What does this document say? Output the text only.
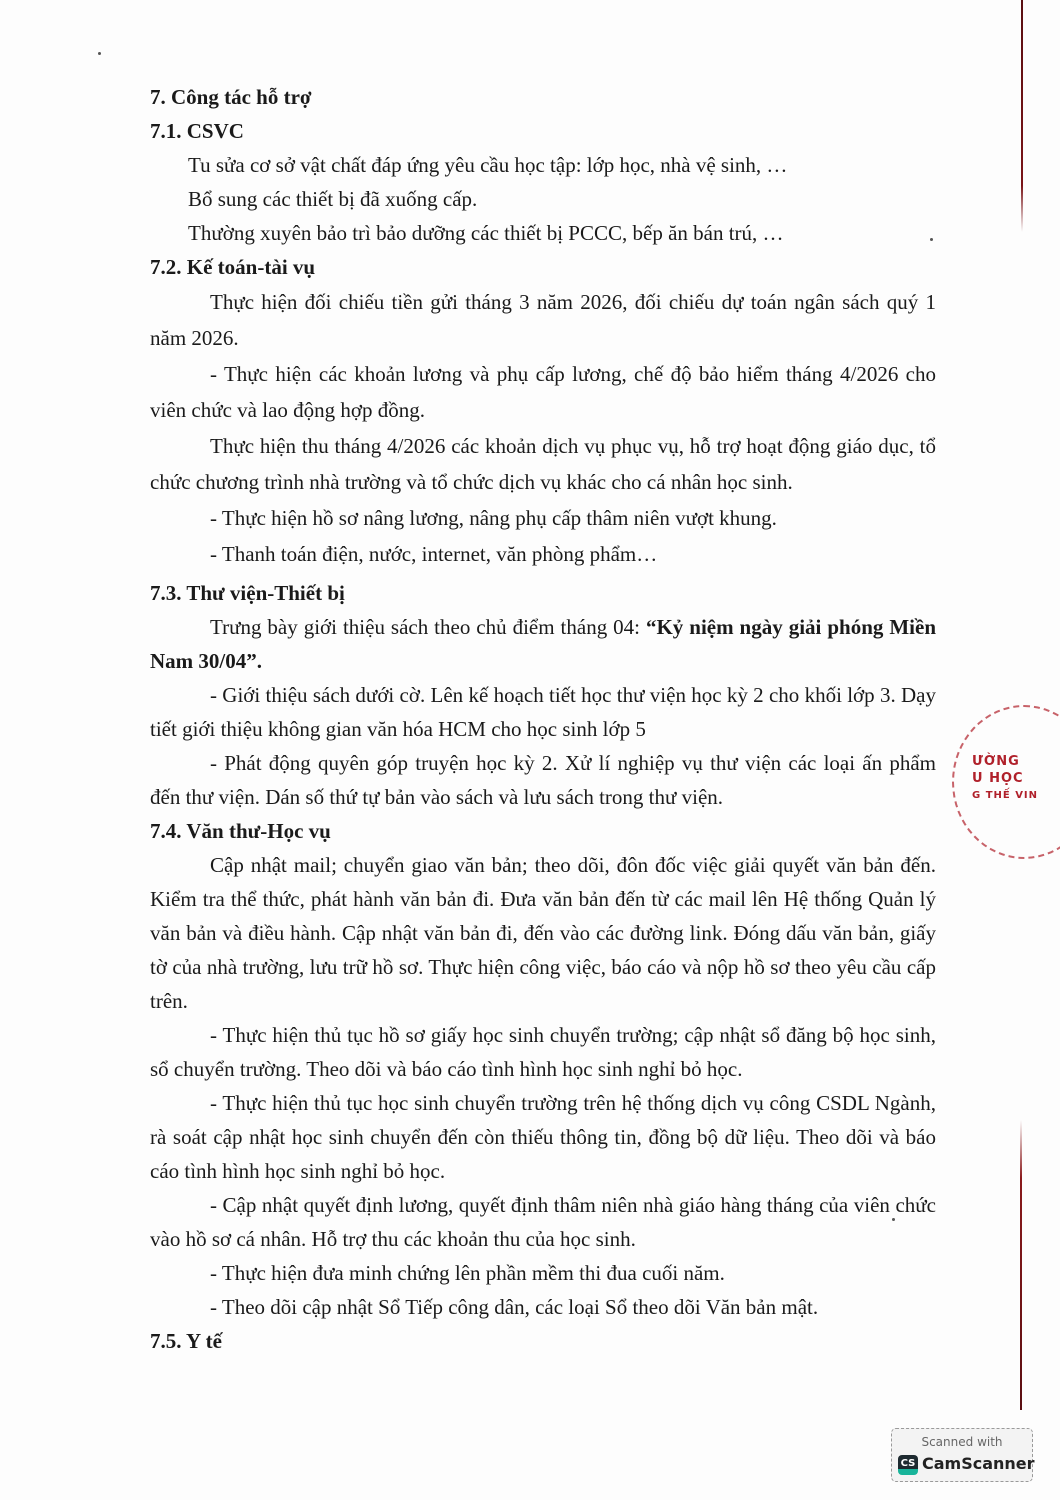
7. Công tác hỗ trợ

7.1. CSVC

Tu sửa cơ sở vật chất đáp ứng yêu cầu học tập: lớp học, nhà vệ sinh, …

Bổ sung các thiết bị đã xuống cấp.

Thường xuyên bảo trì bảo dưỡng các thiết bị PCCC, bếp ăn bán trú, …

7.2. Kế toán-tài vụ

Thực hiện đối chiếu tiền gửi tháng 3 năm 2026, đối chiếu dự toán ngân sách quý 1 năm 2026.

- Thực hiện các khoản lương và phụ cấp lương, chế độ bảo hiểm tháng 4/2026 cho viên chức và lao động hợp đồng.

Thực hiện thu tháng 4/2026 các khoản dịch vụ phục vụ, hỗ trợ hoạt động giáo dục, tổ chức chương trình nhà trường và tổ chức dịch vụ khác cho cá nhân học sinh.

- Thực hiện hồ sơ nâng lương, nâng phụ cấp thâm niên vượt khung.

- Thanh toán điện, nước, internet, văn phòng phẩm…

7.3. Thư viện-Thiết bị

Trưng bày giới thiệu sách theo chủ điểm tháng 04: “Kỷ niệm ngày giải phóng Miền Nam 30/04”.

- Giới thiệu sách dưới cờ. Lên kế hoạch tiết học thư viện học kỳ 2 cho khối lớp 3. Dạy tiết giới thiệu không gian văn hóa HCM cho học sinh lớp 5

- Phát động quyên góp truyện học kỳ 2. Xử lí nghiệp vụ thư viện các loại ấn phẩm đến thư viện. Dán số thứ tự bản vào sách và lưu sách trong thư viện.

7.4. Văn thư-Học vụ

Cập nhật mail; chuyển giao văn bản; theo dõi, đôn đốc việc giải quyết văn bản đến. Kiểm tra thể thức, phát hành văn bản đi. Đưa văn bản đến từ các mail lên Hệ thống Quản lý văn bản và điều hành. Cập nhật văn bản đi, đến vào các đường link. Đóng dấu văn bản, giấy tờ của nhà trường, lưu trữ hồ sơ. Thực hiện công việc, báo cáo và nộp hồ sơ theo yêu cầu cấp trên.

- Thực hiện thủ tục hồ sơ giấy học sinh chuyển trường; cập nhật sổ đăng bộ học sinh, sổ chuyển trường. Theo dõi và báo cáo tình hình học sinh nghỉ bỏ học.

- Thực hiện thủ tục học sinh chuyển trường trên hệ thống dịch vụ công CSDL Ngành, rà soát cập nhật học sinh chuyển đến còn thiếu thông tin, đồng bộ dữ liệu. Theo dõi và báo cáo tình hình học sinh nghỉ bỏ học.

- Cập nhật quyết định lương, quyết định thâm niên nhà giáo hàng tháng của viên chức vào hồ sơ cá nhân. Hỗ trợ thu các khoản thu của học sinh.

- Thực hiện đưa minh chứng lên phần mềm thi đua cuối năm.

- Theo dõi cập nhật Sổ Tiếp công dân, các loại Sổ theo dõi Văn bản mật.

7.5. Y tế

ƯỜNG
U HỌC
G THẾ VIN
Scanned with
CS CamScanner
